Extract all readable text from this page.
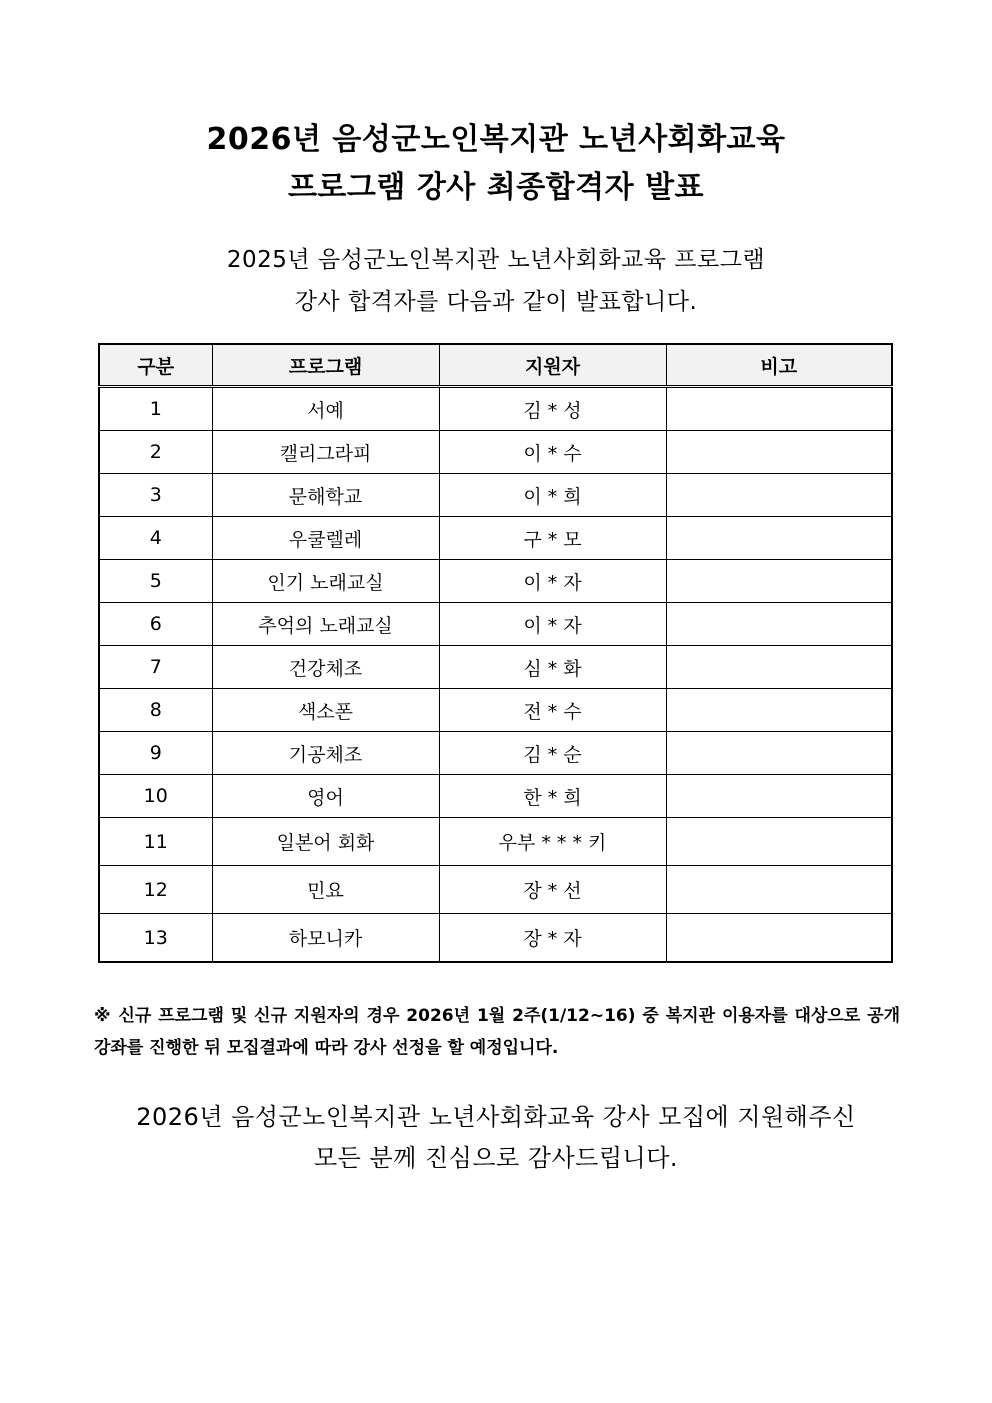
2026년 음성군노인복지관 노년사회화교육
프로그램 강사 최종합격자 발표
2025년 음성군노인복지관 노년사회화교육 프로그램
강사 합격자를 다음과 같이 발표합니다.
구분	프로그램	지원자	비고
1	서예	김 * 성	
2	캘리그라피	이 * 수	
3	문해학교	이 * 희	
4	우쿨렐레	구 * 모	
5	인기 노래교실	이 * 자	
6	추억의 노래교실	이 * 자	
7	건강체조	심 * 화	
8	색소폰	전 * 수	
9	기공체조	김 * 순	
10	영어	한 * 희	
11	일본어 회화	우부 * * * 키	
12	민요	장 * 선	
13	하모니카	장 * 자	
※ 신규 프로그램 및 신규 지원자의 경우 2026년 1월 2주(1/12~16) 중 복지관 이용자를 대상으로 공개강좌를 진행한 뒤 모집결과에 따라 강사 선정을 할 예정입니다.
2026년 음성군노인복지관 노년사회화교육 강사 모집에 지원해주신
모든 분께 진심으로 감사드립니다.
